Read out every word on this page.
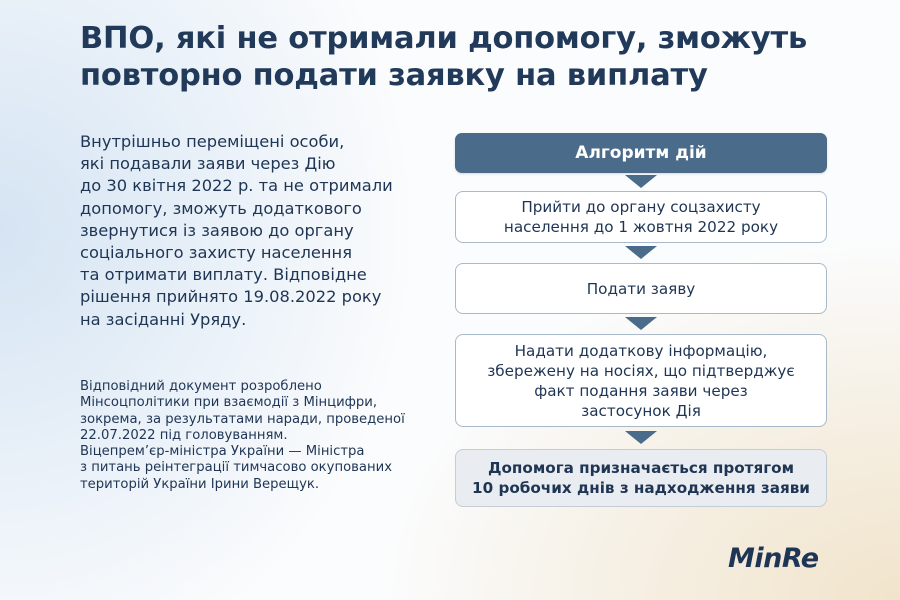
ВПО, які не отримали допомогу, зможуть
повторно подати заявку на виплату
Внутрішньо переміщені особи,
які подавали заяви через Дію
до 30 квітня 2022 р. та не отримали
допомогу, зможуть додаткового
звернутися із заявою до органу
соціального захисту населення
та отримати виплату. Відповідне
рішення прийнято 19.08.2022 року
на засіданні Уряду.
Відповідний документ розроблено
Мінсоцполітики при взаємодії з Мінцифри,
зокрема, за результатами наради, проведеної
22.07.2022 під головуванням.
Віцепрем’єр-міністра України — Міністра
з питань реінтеграції тимчасово окупованих
територій України Ірини Верещук.
Алгоритм дій
Прийти до органу соцзахисту
населення до 1 жовтня 2022 року
Подати заяву
Надати додаткову інформацію,
збережену на носіях, що підтверджує
факт подання заяви через
застосунок Дія
Допомога призначається протягом
10 робочих днів з надходження заяви
MinRe
